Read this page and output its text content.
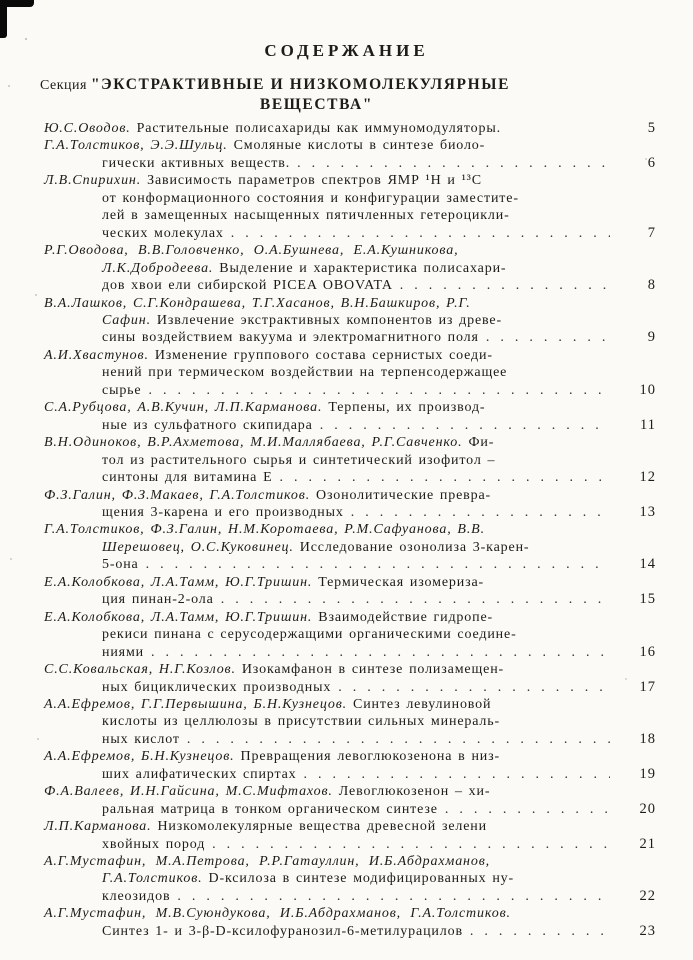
СОДЕРЖАНИЕ
Секция "ЭКСТРАКТИВНЫЕ И НИЗКОМОЛЕКУЛЯРНЫЕ
ВЕЩЕСТВА"
Ю.С.Оводов. Растительные полисахариды как иммуномодуляторы.	5
Г.А.Толстиков, Э.Э.Шульц. Смоляные кислоты в синтезе биоло-
гически активных веществ. . . .	6
Л.В.Спирихин. Зависимость параметров спектров ЯМР ¹Н и ¹³С
от конформационного состояния и конфигурации заместите-
лей в замещенных насыщенных пятичленных гетероцикли-
ческих молекулах . . .	7
Р.Г.Оводова, В.В.Головченко, О.А.Бушнева, Е.А.Кушникова,
Л.К.Добродеева. Выделение и характеристика полисахари-
дов хвои ели сибирской PICEA OBOVATA . . .	8
В.А.Лашков, С.Г.Кондрашева, Т.Г.Хасанов, В.Н.Башкиров, Р.Г.
Сафин. Извлечение экстрактивных компонентов из древе-
сины воздействием вакуума и электромагнитного поля . . .	9
А.И.Хвастунов. Изменение группового состава сернистых соеди-
нений при термическом воздействии на терпенсодержащее
сырье . . .	10
С.А.Рубцова, А.В.Кучин, Л.П.Карманова. Терпены, их производ-
ные из сульфатного скипидара . . .	11
В.Н.Одиноков, В.Р.Ахметова, М.И.Маллябаева, Р.Г.Савченко. Фи-
тол из растительного сырья и синтетический изофитол –
синтоны для витамина Е . . .	12
Ф.З.Галин, Ф.З.Макаев, Г.А.Толстиков. Озонолитические превра-
щения 3-карена и его производных . . .	13
Г.А.Толстиков, Ф.З.Галин, Н.М.Коротаева, Р.М.Сафуанова, В.В.
Шерешовец, О.С.Куковинец. Исследование озонолиза 3-карен-
5-она . . .	14
Е.А.Колобкова, Л.А.Тамм, Ю.Г.Тришин. Термическая изомериза-
ция пинан-2-ола . . .	15
Е.А.Колобкова, Л.А.Тамм, Ю.Г.Тришин. Взаимодействие гидропе-
рекиси пинана с серусодержащими органическими соедине-
ниями . . .	16
С.С.Ковальская, Н.Г.Козлов. Изокамфанон в синтезе полизамещен-
ных бициклических производных . . .	17
А.А.Ефремов, Г.Г.Первышина, Б.Н.Кузнецов. Синтез левулиновой
кислоты из целлюлозы в присутствии сильных минераль-
ных кислот . . .	18
А.А.Ефремов, Б.Н.Кузнецов. Превращения левоглюкозенона в низ-
ших алифатических спиртах . . .	19
Ф.А.Валеев, И.Н.Гайсина, М.С.Мифтахов. Левоглюкозенон – хи-
ральная матрица в тонком органическом синтезе . . .	20
Л.П.Карманова. Низкомолекулярные вещества древесной зелени
хвойных пород . . .	21
А.Г.Мустафин, М.А.Петрова, Р.Р.Гатауллин, И.Б.Абдрахманов,
Г.А.Толстиков. D-ксилоза в синтезе модифицированных ну-
клеозидов . . .	22
А.Г.Мустафин, М.В.Суюндукова, И.Б.Абдрахманов, Г.А.Толстиков.
Синтез 1- и 3-β-D-ксилофуранозил-6-метилурацилов . . .	23
